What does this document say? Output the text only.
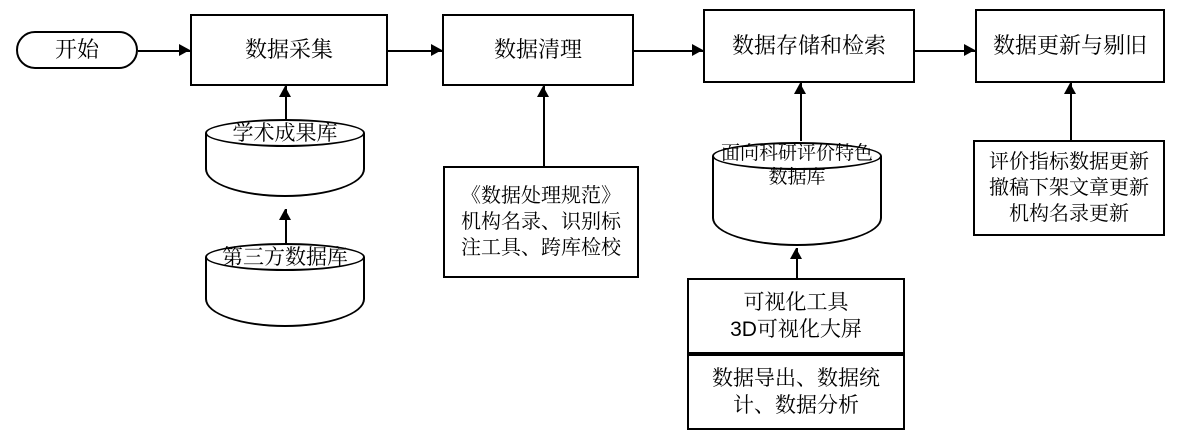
开始	数据采集	数据清理	数据存储和检索	数据更新与剔旧
学术成果库
第三方数据库
《数据处理规范》
机构名录、识别标
注工具、跨库检校
面向科研评价特色
数据库
可视化工具
3D可视化大屏
数据导出、数据统
计、数据分析
评价指标数据更新
撤稿下架文章更新
机构名录更新
